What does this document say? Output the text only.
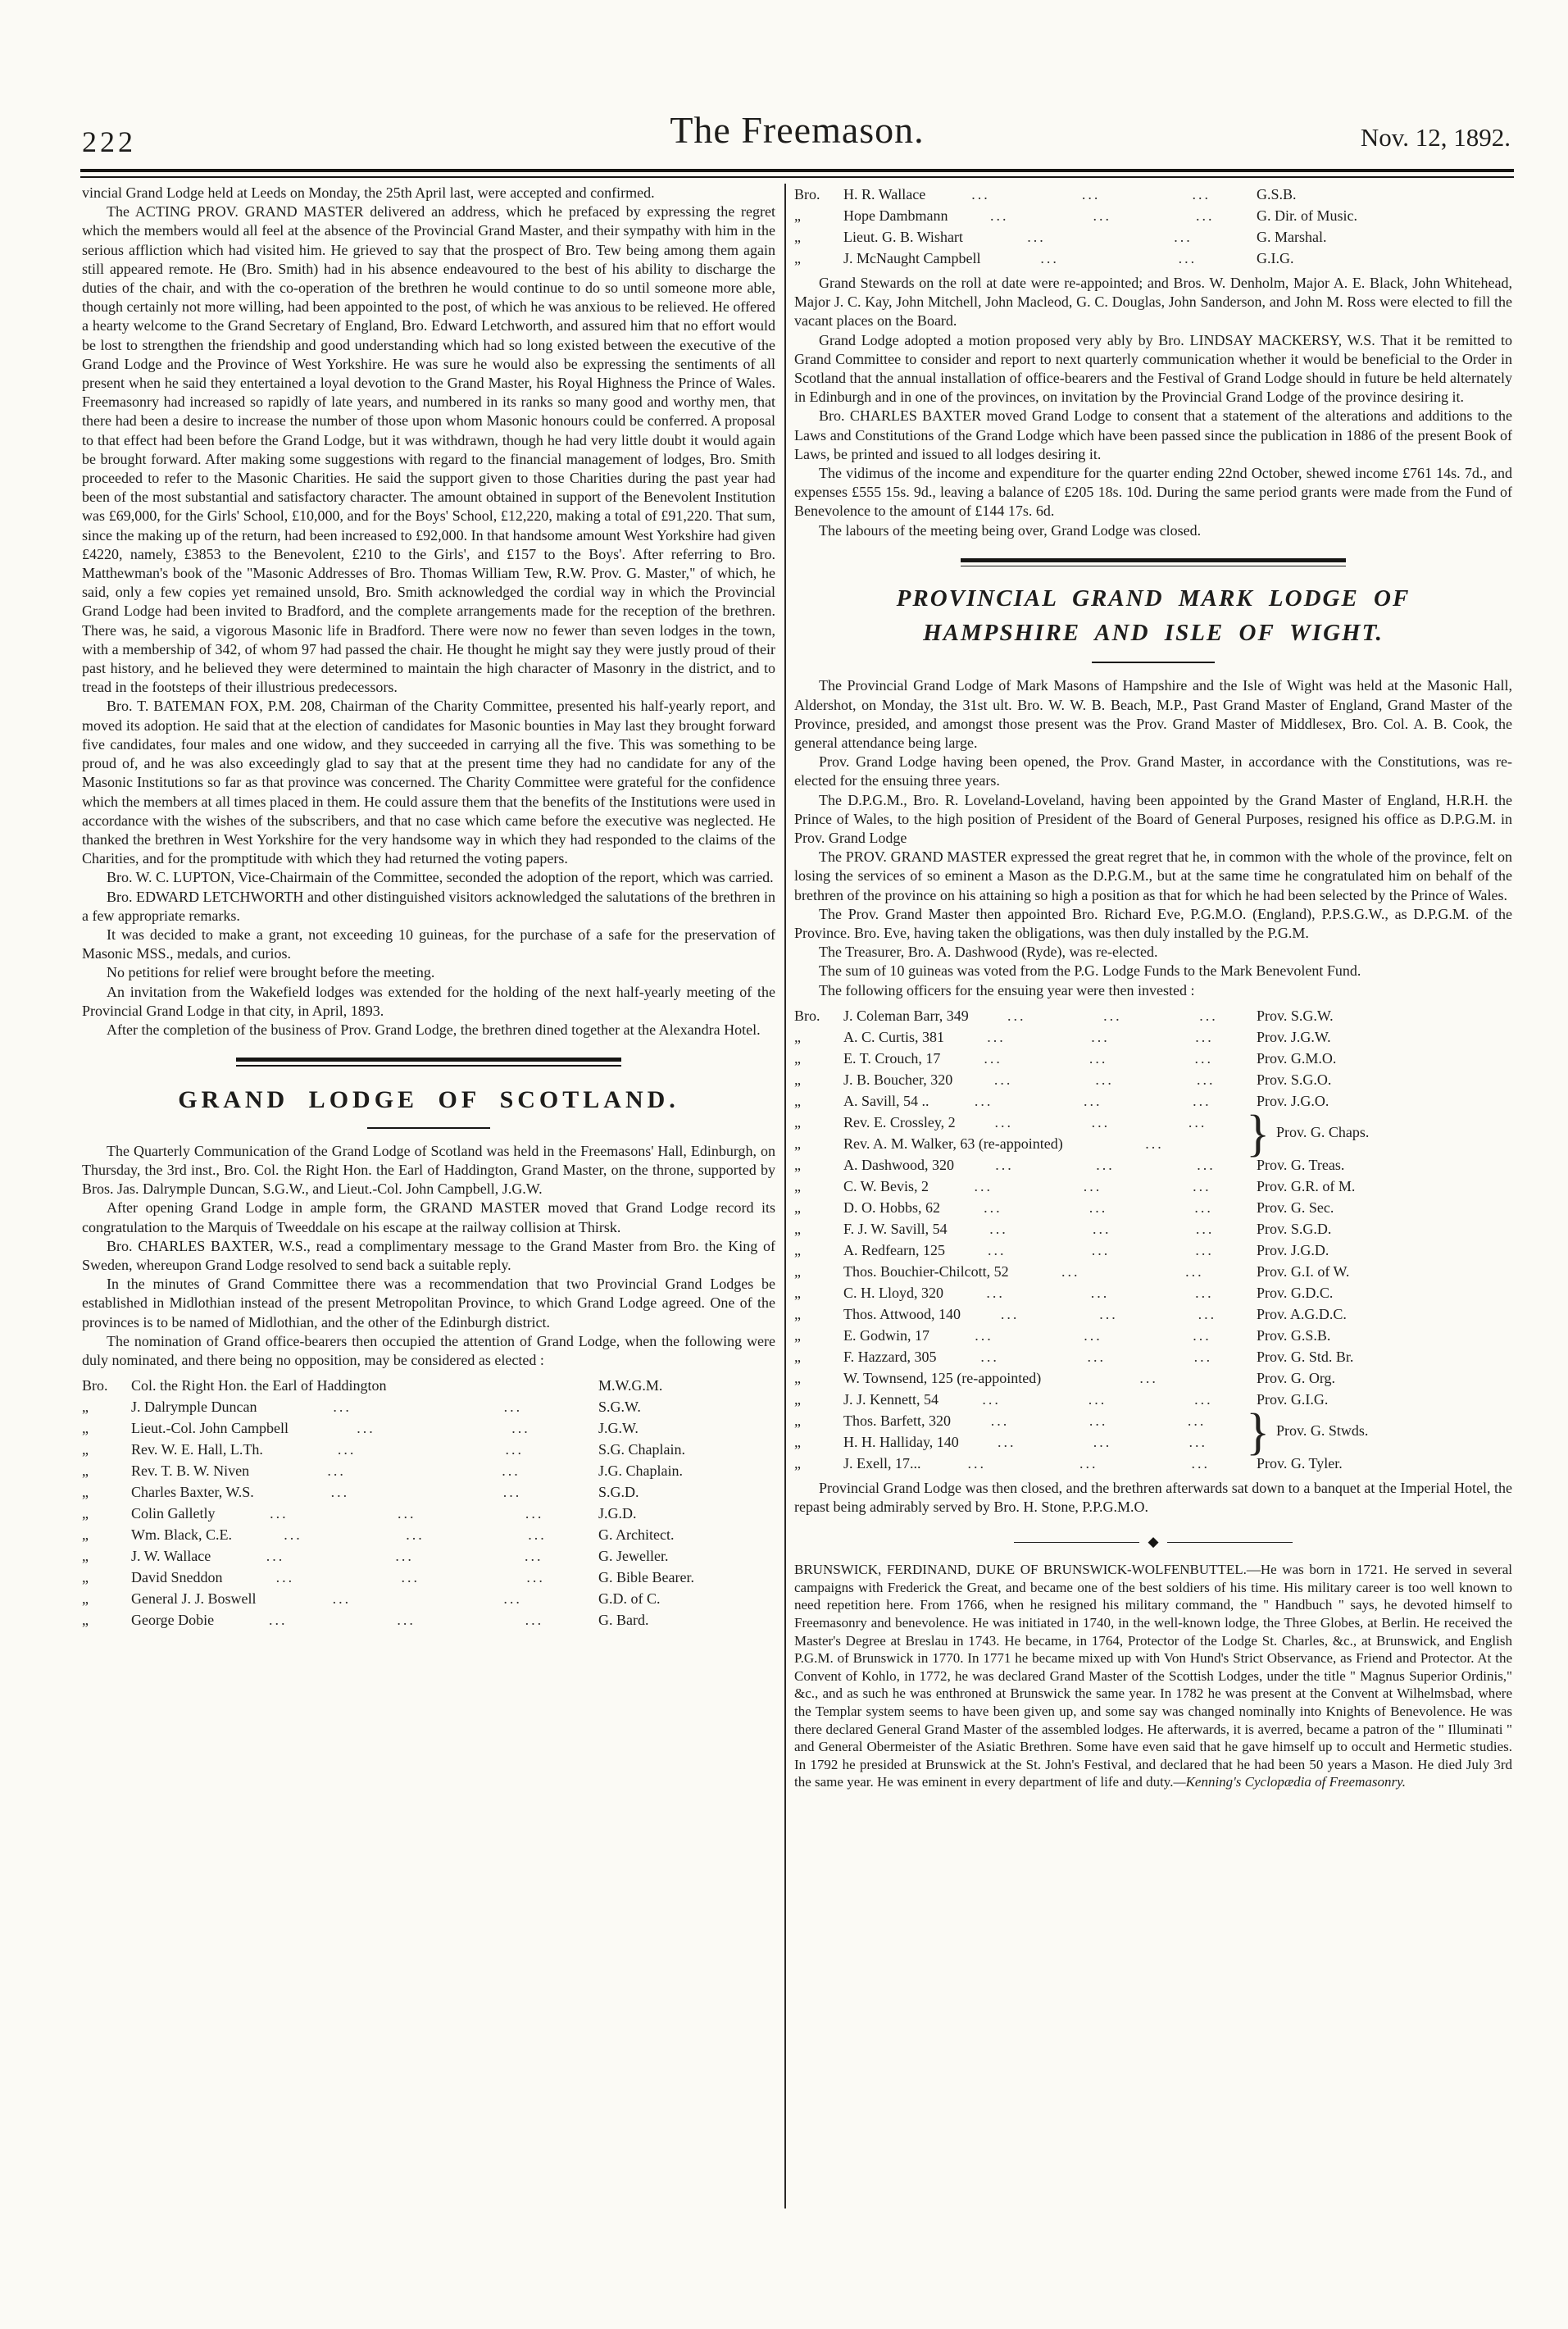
222	The Freemason.	Nov. 12, 1892.

vincial Grand Lodge held at Leeds on Monday, the 25th April last, were accepted and confirmed.

The ACTING PROV. GRAND MASTER delivered an address, which he prefaced by expressing the regret which the members would all feel at the absence of the Provincial Grand Master, and their sympathy with him in the serious affliction which had visited him. He grieved to say that the prospect of Bro. Tew being among them again still appeared remote. He (Bro. Smith) had in his absence endeavoured to the best of his ability to discharge the duties of the chair, and with the co-operation of the brethren he would continue to do so until someone more able, though certainly not more willing, had been appointed to the post, of which he was anxious to be relieved. He offered a hearty welcome to the Grand Secretary of England, Bro. Edward Letchworth, and assured him that no effort would be lost to strengthen the friendship and good understanding which had so long existed between the executive of the Grand Lodge and the Province of West Yorkshire. He was sure he would also be expressing the sentiments of all present when he said they entertained a loyal devotion to the Grand Master, his Royal Highness the Prince of Wales. Freemasonry had increased so rapidly of late years, and numbered in its ranks so many good and worthy men, that there had been a desire to increase the number of those upon whom Masonic honours could be conferred. A proposal to that effect had been before the Grand Lodge, but it was withdrawn, though he had very little doubt it would again be brought forward. After making some suggestions with regard to the financial management of lodges, Bro. Smith proceeded to refer to the Masonic Charities. He said the support given to those Charities during the past year had been of the most substantial and satisfactory character. The amount obtained in support of the Benevolent Institution was £69,000, for the Girls' School, £10,000, and for the Boys' School, £12,220, making a total of £91,220. That sum, since the making up of the return, had been increased to £92,000. In that handsome amount West Yorkshire had given £4220, namely, £3853 to the Benevolent, £210 to the Girls', and £157 to the Boys'. After referring to Bro. Matthewman's book of the "Masonic Addresses of Bro. Thomas William Tew, R.W. Prov. G. Master," of which, he said, only a few copies yet remained unsold, Bro. Smith acknowledged the cordial way in which the Provincial Grand Lodge had been invited to Bradford, and the complete arrangements made for the reception of the brethren. There was, he said, a vigorous Masonic life in Bradford. There were now no fewer than seven lodges in the town, with a membership of 342, of whom 97 had passed the chair. He thought he might say they were justly proud of their past history, and he believed they were determined to maintain the high character of Masonry in the district, and to tread in the footsteps of their illustrious predecessors.

Bro. T. BATEMAN FOX, P.M. 208, Chairman of the Charity Committee, presented his half-yearly report, and moved its adoption. He said that at the election of candidates for Masonic bounties in May last they brought forward five candidates, four males and one widow, and they succeeded in carrying all the five. This was something to be proud of, and he was also exceedingly glad to say that at the present time they had no candidate for any of the Masonic Institutions so far as that province was concerned. The Charity Committee were grateful for the confidence which the members at all times placed in them. He could assure them that the benefits of the Institutions were used in accordance with the wishes of the subscribers, and that no case which came before the executive was neglected. He thanked the brethren in West Yorkshire for the very handsome way in which they had responded to the claims of the Charities, and for the promptitude with which they had returned the voting papers.

Bro. W. C. LUPTON, Vice-Chairmain of the Committee, seconded the adoption of the report, which was carried.

Bro. EDWARD LETCHWORTH and other distinguished visitors acknowledged the salutations of the brethren in a few appropriate remarks.

It was decided to make a grant, not exceeding 10 guineas, for the purchase of a safe for the preservation of Masonic MSS., medals, and curios.

No petitions for relief were brought before the meeting.

An invitation from the Wakefield lodges was extended for the holding of the next half-yearly meeting of the Provincial Grand Lodge in that city, in April, 1893.

After the completion of the business of Prov. Grand Lodge, the brethren dined together at the Alexandra Hotel.

GRAND LODGE OF SCOTLAND.

The Quarterly Communication of the Grand Lodge of Scotland was held in the Freemasons' Hall, Edinburgh, on Thursday, the 3rd inst., Bro. Col. the Right Hon. the Earl of Haddington, Grand Master, on the throne, supported by Bros. Jas. Dalrymple Duncan, S.G.W., and Lieut.-Col. John Campbell, J.G.W.

After opening Grand Lodge in ample form, the GRAND MASTER moved that Grand Lodge record its congratulation to the Marquis of Tweeddale on his escape at the railway collision at Thirsk.

Bro. CHARLES BAXTER, W.S., read a complimentary message to the Grand Master from Bro. the King of Sweden, whereupon Grand Lodge resolved to send back a suitable reply.

In the minutes of Grand Committee there was a recommendation that two Provincial Grand Lodges be established in Midlothian instead of the present Metropolitan Province, to which Grand Lodge agreed. One of the provinces is to be named of Midlothian, and the other of the Edinburgh district.

The nomination of Grand office-bearers then occupied the attention of Grand Lodge, when the following were duly nominated, and there being no opposition, may be considered as elected :

Bro.	Col. the Right Hon. the Earl of Haddington	M.W.G.M.
„	J. Dalrymple Duncan	...	...	S.G.W.
„	Lieut.-Col. John Campbell	...	...	J.G.W.
„	Rev. W. E. Hall, L.Th.	...	...	S.G. Chaplain.
„	Rev. T. B. W. Niven	...	...	J.G. Chaplain.
„	Charles Baxter, W.S.	...	...	S.G.D.
„	Colin Galletly	...	...	...	J.G.D.
„	Wm. Black, C.E.	...	...	...	G. Architect.
„	J. W. Wallace	...	...	...	G. Jeweller.
„	David Sneddon	...	...	...	G. Bible Bearer.
„	General J. J. Boswell	...	...	G.D. of C.
„	George Dobie	...	...	...	G. Bard.
Bro.	H. R. Wallace	...	...	...	G.S.B.
„	Hope Dambmann	...	...	...	G. Dir. of Music.
„	Lieut. G. B. Wishart	...	...	G. Marshal.
„	J. McNaught Campbell	...	...	G.I.G.

Grand Stewards on the roll at date were re-appointed; and Bros. W. Denholm, Major A. E. Black, John Whitehead, Major J. C. Kay, John Mitchell, John Macleod, G. C. Douglas, John Sanderson, and John M. Ross were elected to fill the vacant places on the Board.

Grand Lodge adopted a motion proposed very ably by Bro. LINDSAY MACKERSY, W.S. That it be remitted to Grand Committee to consider and report to next quarterly communication whether it would be beneficial to the Order in Scotland that the annual installation of office-bearers and the Festival of Grand Lodge should in future be held alternately in Edinburgh and in one of the provinces, on invitation by the Provincial Grand Lodge of the province desiring it.

Bro. CHARLES BAXTER moved Grand Lodge to consent that a statement of the alterations and additions to the Laws and Constitutions of the Grand Lodge which have been passed since the publication in 1886 of the present Book of Laws, be printed and issued to all lodges desiring it.

The vidimus of the income and expenditure for the quarter ending 22nd October, shewed income £761 14s. 7d., and expenses £555 15s. 9d., leaving a balance of £205 18s. 10d. During the same period grants were made from the Fund of Benevolence to the amount of £144 17s. 6d.

The labours of the meeting being over, Grand Lodge was closed.

PROVINCIAL GRAND MARK LODGE OF
HAMPSHIRE AND ISLE OF WIGHT.

The Provincial Grand Lodge of Mark Masons of Hampshire and the Isle of Wight was held at the Masonic Hall, Aldershot, on Monday, the 31st ult. Bro. W. W. B. Beach, M.P., Past Grand Master of England, Grand Master of the Province, presided, and amongst those present was the Prov. Grand Master of Middlesex, Bro. Col. A. B. Cook, the general attendance being large.

Prov. Grand Lodge having been opened, the Prov. Grand Master, in accordance with the Constitutions, was re-elected for the ensuing three years.

The D.P.G.M., Bro. R. Loveland-Loveland, having been appointed by the Grand Master of England, H.R.H. the Prince of Wales, to the high position of President of the Board of General Purposes, resigned his office as D.P.G.M. in Prov. Grand Lodge

The PROV. GRAND MASTER expressed the great regret that he, in common with the whole of the province, felt on losing the services of so eminent a Mason as the D.P.G.M., but at the same time he congratulated him on behalf of the brethren of the province on his attaining so high a position as that for which he had been selected by the Prince of Wales.

The Prov. Grand Master then appointed Bro. Richard Eve, P.G.M.O. (England), P.P.S.G.W., as D.P.G.M. of the Province. Bro. Eve, having taken the obligations, was then duly installed by the P.G.M.

The Treasurer, Bro. A. Dashwood (Ryde), was re-elected.

The sum of 10 guineas was voted from the P.G. Lodge Funds to the Mark Benevolent Fund.

The following officers for the ensuing year were then invested :

Bro.	J. Coleman Barr, 349	...	...	...	Prov. S.G.W.
„	A. C. Curtis, 381	...	...	...	Prov. J.G.W.
„	E. T. Crouch, 17	...	...	...	Prov. G.M.O.
„	J. B. Boucher, 320	...	...	...	Prov. S.G.O.
„	A. Savill, 54 ..	...	...	...	Prov. J.G.O.
„	Rev. E. Crossley, 2	...	...	...
„	Rev. A. M. Walker, 63 (re-appointed)	...	} Prov. G. Chaps.
„	A. Dashwood, 320	...	...	...	Prov. G. Treas.
„	C. W. Bevis, 2	...	...	...	Prov. G.R. of M.
„	D. O. Hobbs, 62	...	...	...	Prov. G. Sec.
„	F. J. W. Savill, 54	...	...	...	Prov. S.G.D.
„	A. Redfearn, 125	...	...	...	Prov. J.G.D.
„	Thos. Bouchier-Chilcott, 52	...	...	Prov. G.I. of W.
„	C. H. Lloyd, 320	...	...	...	Prov. G.D.C.
„	Thos. Attwood, 140	...	...	...	Prov. A.G.D.C.
„	E. Godwin, 17	...	...	...	Prov. G.S.B.
„	F. Hazzard, 305	...	...	...	Prov. G. Std. Br.
„	W. Townsend, 125 (re-appointed)	...	Prov. G. Org.
„	J. J. Kennett, 54	...	...	...	Prov. G.I.G.
„	Thos. Barfett, 320	...	...	...
„	H. H. Halliday, 140	...	...	... } Prov. G. Stwds.
„	J. Exell, 17...	...	...	...	Prov. G. Tyler.

Provincial Grand Lodge was then closed, and the brethren afterwards sat down to a banquet at the Imperial Hotel, the repast being admirably served by Bro. H. Stone, P.P.G.M.O.

◆

BRUNSWICK, FERDINAND, DUKE OF BRUNSWICK-WOLFENBUTTEL.—He was born in 1721. He served in several campaigns with Frederick the Great, and became one of the best soldiers of his time. His military career is too well known to need repetition here. From 1766, when he resigned his military command, the " Handbuch " says, he devoted himself to Freemasonry and benevolence. He was initiated in 1740, in the well-known lodge, the Three Globes, at Berlin. He received the Master's Degree at Breslau in 1743. He became, in 1764, Protector of the Lodge St. Charles, &c., at Brunswick, and English P.G.M. of Brunswick in 1770. In 1771 he became mixed up with Von Hund's Strict Observance, as Friend and Protector. At the Convent of Kohlo, in 1772, he was declared Grand Master of the Scottish Lodges, under the title " Magnus Superior Ordinis," &c., and as such he was enthroned at Brunswick the same year. In 1782 he was present at the Convent at Wilhelmsbad, where the Templar system seems to have been given up, and some say was changed nominally into Knights of Benevolence. He was there declared General Grand Master of the assembled lodges. He afterwards, it is averred, became a patron of the " Illuminati " and General Obermeister of the Asiatic Brethren. Some have even said that he gave himself up to occult and Hermetic studies. In 1792 he presided at Brunswick at the St. John's Festival, and declared that he had been 50 years a Mason. He died July 3rd the same year. He was eminent in every department of life and duty.—Kenning's Cyclopædia of Freemasonry.
